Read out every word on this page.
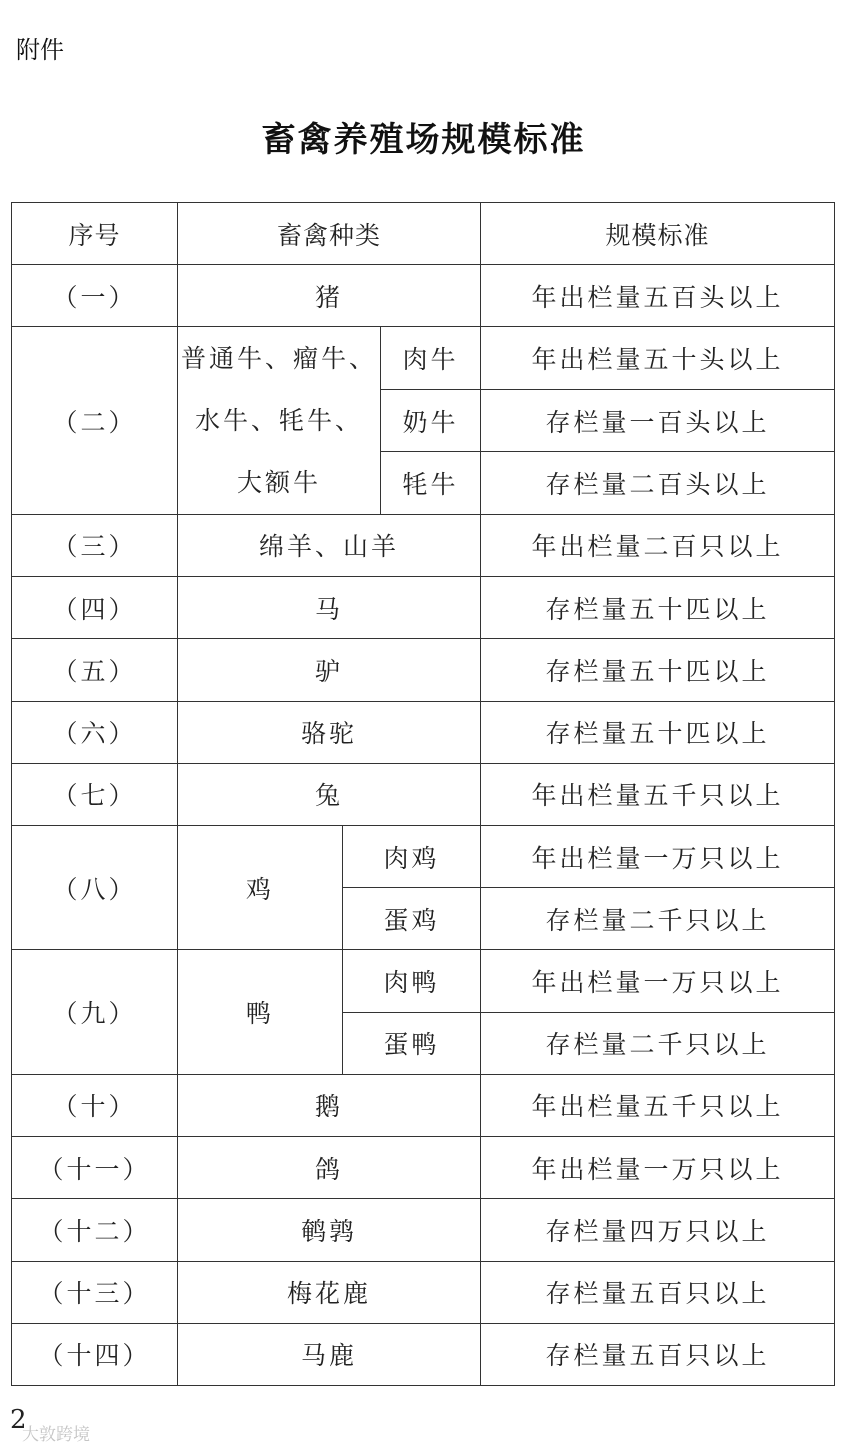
附件
畜禽养殖场规模标准
序号	畜禽种类			规模标准
（一）	猪			年出栏量五百头以上
（二）	普通牛、瘤牛、
水牛、牦牛、
大额牛		肉牛	年出栏量五十头以上
			奶牛	存栏量一百头以上
			牦牛	存栏量二百头以上
（三）	绵羊、山羊			年出栏量二百只以上
（四）	马			存栏量五十匹以上
（五）	驴			存栏量五十匹以上
（六）	骆驼			存栏量五十匹以上
（七）	兔			年出栏量五千只以上
（八）	鸡	肉鸡		年出栏量一万只以上
		蛋鸡		存栏量二千只以上
（九）	鸭	肉鸭		年出栏量一万只以上
		蛋鸭		存栏量二千只以上
（十）	鹅			年出栏量五千只以上
（十一）	鸽			年出栏量一万只以上
（十二）	鹌鹑			存栏量四万只以上
（十三）	梅花鹿			存栏量五百只以上
（十四）	马鹿			存栏量五百只以上
2
大敦跨境
